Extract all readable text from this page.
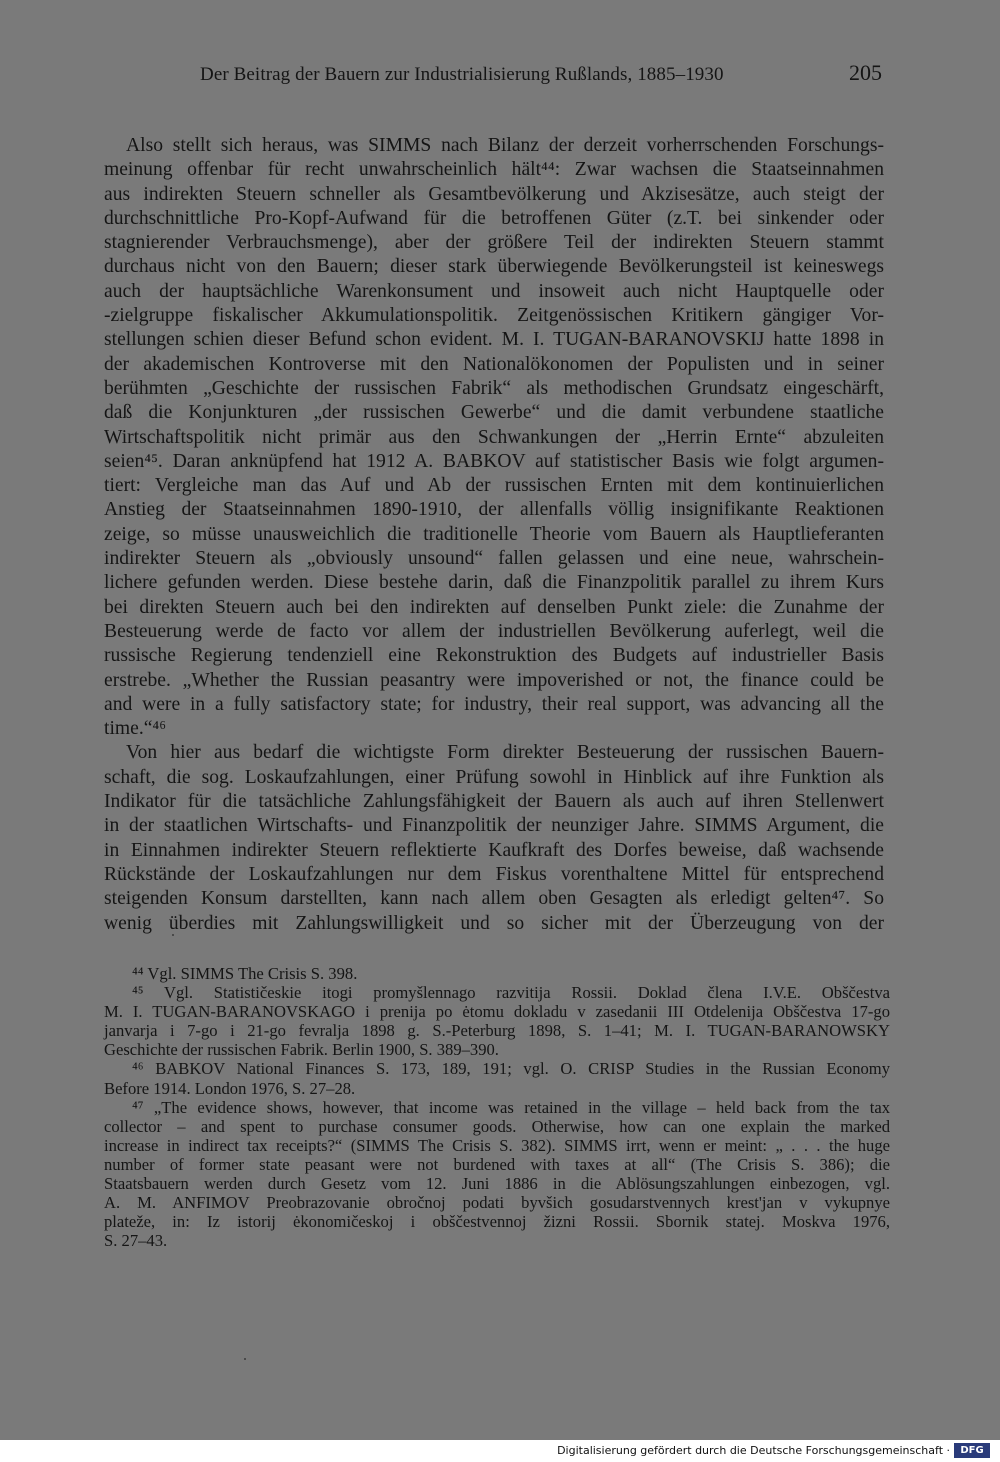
Der Beitrag der Bauern zur Industrialisierung Rußlands, 1885–1930	205
Also stellt sich heraus, was SIMMS nach Bilanz der derzeit vorherrschenden Forschungs-
meinung offenbar für recht unwahrscheinlich hält⁴⁴: Zwar wachsen die Staatseinnahmen
aus indirekten Steuern schneller als Gesamtbevölkerung und Akzisesätze, auch steigt der
durchschnittliche Pro-Kopf-Aufwand für die betroffenen Güter (z.T. bei sinkender oder
stagnierender Verbrauchsmenge), aber der größere Teil der indirekten Steuern stammt
durchaus nicht von den Bauern; dieser stark überwiegende Bevölkerungsteil ist keineswegs
auch der hauptsächliche Warenkonsument und insoweit auch nicht Hauptquelle oder
-zielgruppe fiskalischer Akkumulationspolitik. Zeitgenössischen Kritikern gängiger Vor-
stellungen schien dieser Befund schon evident. M. I. TUGAN-BARANOVSKIJ hatte 1898 in
der akademischen Kontroverse mit den Nationalökonomen der Populisten und in seiner
berühmten „Geschichte der russischen Fabrik“ als methodischen Grundsatz eingeschärft,
daß die Konjunkturen „der russischen Gewerbe“ und die damit verbundene staatliche
Wirtschaftspolitik nicht primär aus den Schwankungen der „Herrin Ernte“ abzuleiten
seien⁴⁵. Daran anknüpfend hat 1912 A. BABKOV auf statistischer Basis wie folgt argumen-
tiert: Vergleiche man das Auf und Ab der russischen Ernten mit dem kontinuierlichen
Anstieg der Staatseinnahmen 1890-1910, der allenfalls völlig insignifikante Reaktionen
zeige, so müsse unausweichlich die traditionelle Theorie vom Bauern als Hauptlieferanten
indirekter Steuern als „obviously unsound“ fallen gelassen und eine neue, wahrschein-
lichere gefunden werden. Diese bestehe darin, daß die Finanzpolitik parallel zu ihrem Kurs
bei direkten Steuern auch bei den indirekten auf denselben Punkt ziele: die Zunahme der
Besteuerung werde de facto vor allem der industriellen Bevölkerung auferlegt, weil die
russische Regierung tendenziell eine Rekonstruktion des Budgets auf industrieller Basis
erstrebe. „Whether the Russian peasantry were impoverished or not, the finance could be
and were in a fully satisfactory state; for industry, their real support, was advancing all the
time.“⁴⁶
Von hier aus bedarf die wichtigste Form direkter Besteuerung der russischen Bauern-
schaft, die sog. Loskaufzahlungen, einer Prüfung sowohl in Hinblick auf ihre Funktion als
Indikator für die tatsächliche Zahlungsfähigkeit der Bauern als auch auf ihren Stellenwert
in der staatlichen Wirtschafts- und Finanzpolitik der neunziger Jahre. SIMMS Argument, die
in Einnahmen indirekter Steuern reflektierte Kaufkraft des Dorfes beweise, daß wachsende
Rückstände der Loskaufzahlungen nur dem Fiskus vorenthaltene Mittel für entsprechend
steigenden Konsum darstellten, kann nach allem oben Gesagten als erledigt gelten⁴⁷. So
wenig überdies mit Zahlungswilligkeit und so sicher mit der Überzeugung von der
⁴⁴ Vgl. SIMMS The Crisis S. 398.
⁴⁵ Vgl. Statističeskie itogi promyšlennago razvitija Rossii. Doklad člena I.V.E. Obščestva
M. I. TUGAN-BARANOVSKAGO i prenija po ėtomu dokladu v zasedanii III Otdelenija Obščestva 17-go
janvarja i 7-go i 21-go fevralja 1898 g. S.-Peterburg 1898, S. 1–41; M. I. TUGAN-BARANOWSKY
Geschichte der russischen Fabrik. Berlin 1900, S. 389–390.
⁴⁶ BABKOV National Finances S. 173, 189, 191; vgl. O. CRISP Studies in the Russian Economy
Before 1914. London 1976, S. 27–28.
⁴⁷ „The evidence shows, however, that income was retained in the village – held back from the tax
collector – and spent to purchase consumer goods. Otherwise, how can one explain the marked
increase in indirect tax receipts?“ (SIMMS The Crisis S. 382). SIMMS irrt, wenn er meint: „ . . . the huge
number of former state peasant were not burdened with taxes at all“ (The Crisis S. 386); die
Staatsbauern werden durch Gesetz vom 12. Juni 1886 in die Ablösungszahlungen einbezogen, vgl.
A. M. ANFIMOV Preobrazovanie obročnoj podati byvšich gosudarstvennych krest'jan v vykupnye
plateže, in: Iz istorij ėkonomičeskoj i obščestvennoj žizni Rossii. Sbornik statej. Moskva 1976,
S. 27–43.
Digitalisierung gefördert durch die Deutsche Forschungsgemeinschaft ·	DFG
